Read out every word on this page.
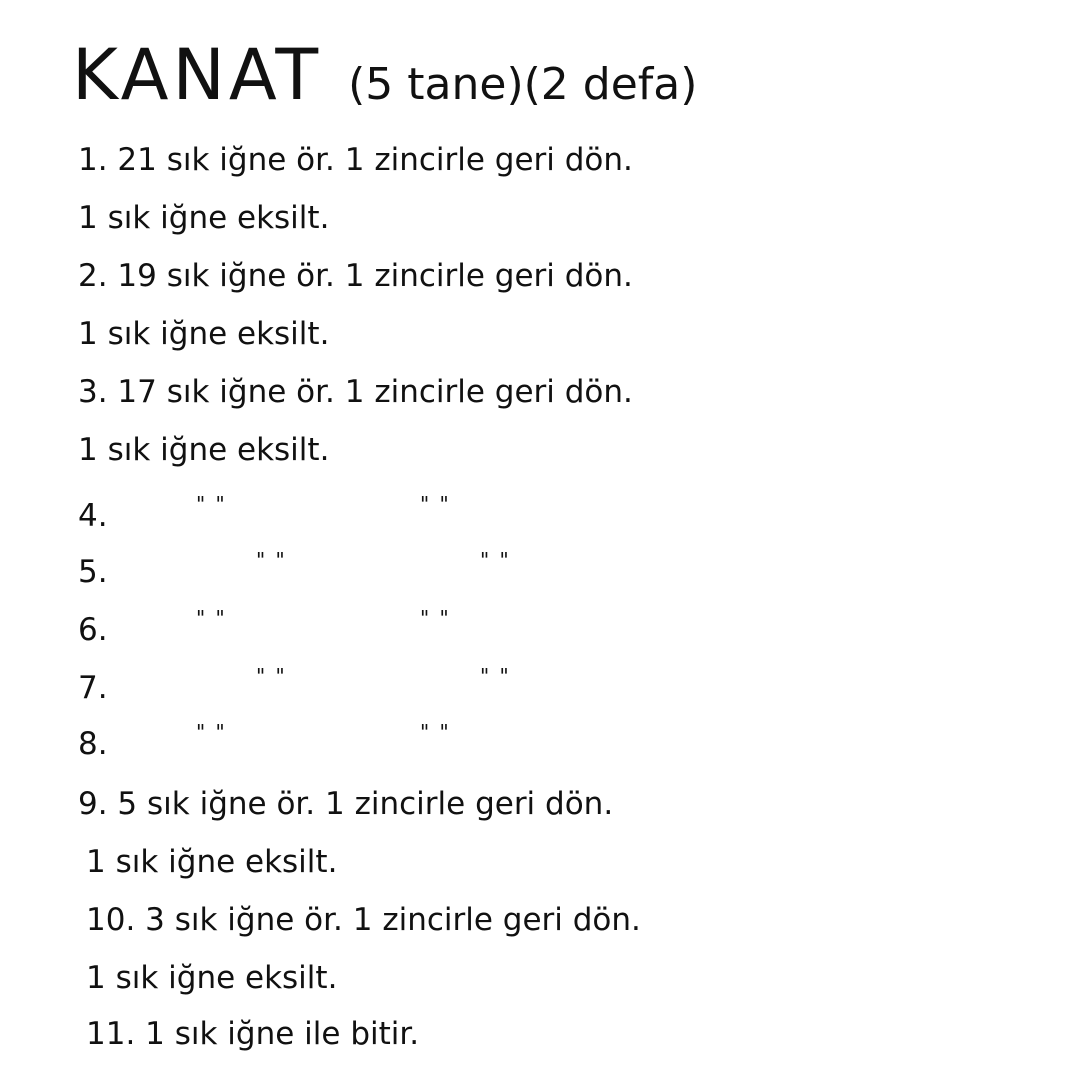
KANAT (5 tane)(2 defa)
1. 21 sık iğne ör. 1 zincirle geri dön.
1 sık iğne eksilt.
2. 19 sık iğne ör. 1 zincirle geri dön.
1 sık iğne eksilt.
3. 17 sık iğne ör. 1 zincirle geri dön.
1 sık iğne eksilt.
4.	" "	" "
5.	" "	" "
6.	" "	" "
7.	" "	" "
8.	" "	" "
9. 5 sık iğne ör. 1 zincirle geri dön.
1 sık iğne eksilt.
10. 3 sık iğne ör. 1 zincirle geri dön.
1 sık iğne eksilt.
11. 1 sık iğne ile bitir.
